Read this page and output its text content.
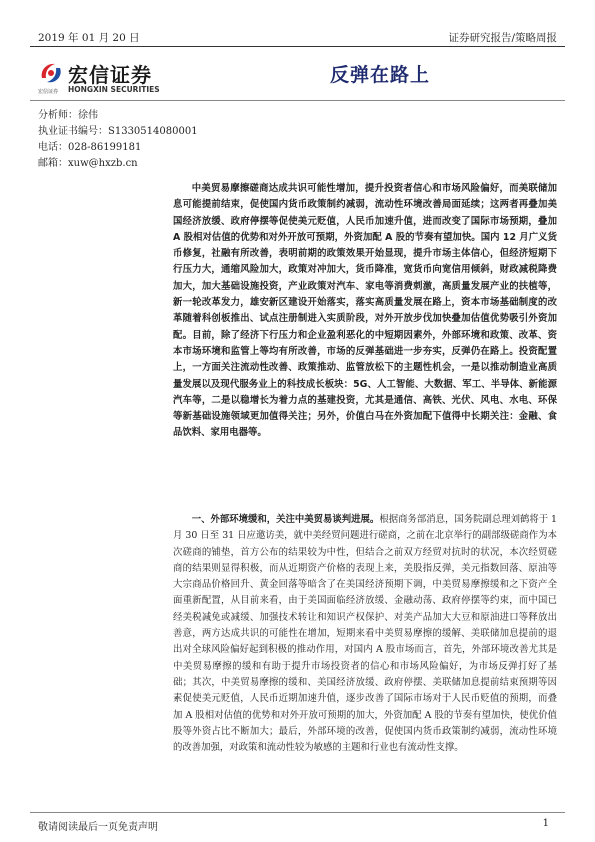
2019 年 01 月 20 日	证券研究报告/策略周报
宏信证券
宏信证券 HONGXIN SECURITIES
反弹在路上
分析师：徐伟
执业证书编号：S1330514080001
电话：028-86199181
邮箱：xuw@hxzb.cn
中美贸易摩擦磋商达成共识可能性增加，提升投资者信心和市场风险偏好，而美联储加息可能提前结束，促使国内货币政策制约减弱，流动性环境改善局面延续；这两者再叠加美国经济放缓、政府停摆等促使美元贬值，人民币加速升值，进而改变了国际市场预期，叠加 A 股相对估值的优势和对外开放可预期，外资加配 A 股的节奏有望加快。国内 12 月广义货币修复，社融有所改善，表明前期的政策效果开始显现，提升市场主体信心，但经济短期下行压力大，通缩风险加大，政策对冲加大，货币降准，宽货币向宽信用倾斜，财政减税降费加大，加大基础设施投资，产业政策对汽车、家电等消费刺激，高质量发展产业的扶植等，新一轮改革发力，雄安新区建设开始落实，落实高质量发展在路上，资本市场基础制度的改革随着科创板推出、试点注册制进入实质阶段，对外开放步伐加快叠加估值优势吸引外资加配。目前，除了经济下行压力和企业盈利恶化的中短期因素外，外部环境和政策、改革、资本市场环境和监管上等均有所改善，市场的反弹基础进一步夯实，反弹仍在路上。投资配置上，一方面关注流动性改善、政策推动、监管放松下的主题性机会，一是以推动制造业高质量发展以及现代服务业上的科技成长板块：5G、人工智能、大数据、军工、半导体、新能源汽车等，二是以稳增长为着力点的基建投资，尤其是通信、高铁、光伏、风电、水电、环保等新基础设施领域更加值得关注；另外，价值白马在外资加配下值得中长期关注：金融、食品饮料、家用电器等。
一、外部环境缓和，关注中美贸易谈判进展。根据商务部消息，国务院副总理刘鹤将于 1 月 30 日至 31 日应邀访美，就中美经贸问题进行磋商，之前在北京举行的副部级磋商作为本次磋商的铺垫，首方公布的结果较为中性，但结合之前双方经贸对抗时的状况，本次经贸磋商的结果则显得积极，而从近期资产价格的表现上来，美股指反弹，美元指数回落、原油等大宗商品价格回升、黄金回落等暗含了在美国经济预期下调，中美贸易摩擦缓和之下资产全面重新配置，从目前来看，由于美国面临经济放缓、金融动荡、政府停摆等约束，而中国已经美税减免或减缓、加强技术转让和知识产权保护、对美产品加大大豆和原油进口等释放出善意，两方达成共识的可能性在增加，短期来看中美贸易摩擦的缓解、美联储加息提前的退出对全球风险偏好起到积极的推动作用，对国内 A 股市场而言，首先，外部环境改善尤其是中美贸易摩擦的缓和有助于提升市场投资者的信心和市场风险偏好，为市场反弹打好了基础；其次，中美贸易摩擦的缓和、美国经济放缓、政府停摆、美联储加息提前结束预期等因素促使美元贬值，人民币近期加速升值，逐步改善了国际市场对于人民币贬值的预期，而叠加 A 股相对估值的优势和对外开放可预期的加大，外资加配 A 股的节奏有望加快，使优价值股等外资占比不断加大；最后，外部环境的改善，促使国内货币政策制约减弱，流动性环境的改善加强，对政策和流动性较为敏感的主题和行业也有流动性支撑。
敬请阅读最后一页免责声明	1
